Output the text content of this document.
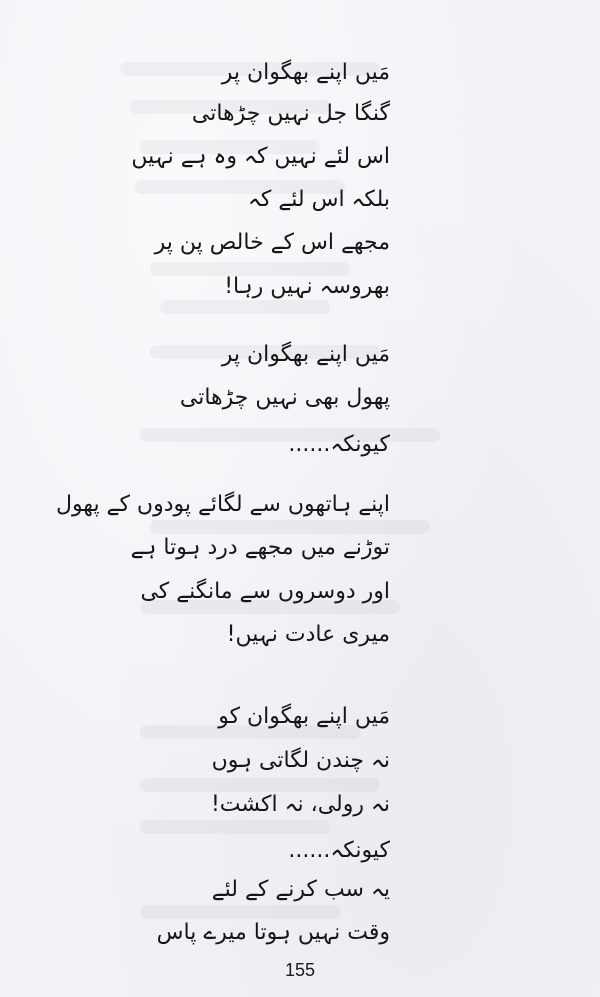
مَیں اپنے بھگوان پر
گنگا جل نہیں چڑھاتی
اس لئے نہیں کہ وہ ہے نہیں
بلکہ اس لئے کہ
مجھے اس کے خالص پن پر
بھروسہ نہیں رہا!
مَیں اپنے بھگوان پر
پھول بھی نہیں چڑھاتی
کیونکہ......
اپنے ہاتھوں سے لگائے پودوں کے پھول
توڑنے میں مجھے درد ہوتا ہے
اور دوسروں سے مانگنے کی
میری عادت نہیں!
مَیں اپنے بھگوان کو
نہ چندن لگاتی ہوں
نہ رولی، نہ اکشت!
کیونکہ......
یہ سب کرنے کے لئے
وقت نہیں ہوتا میرے پاس
155
